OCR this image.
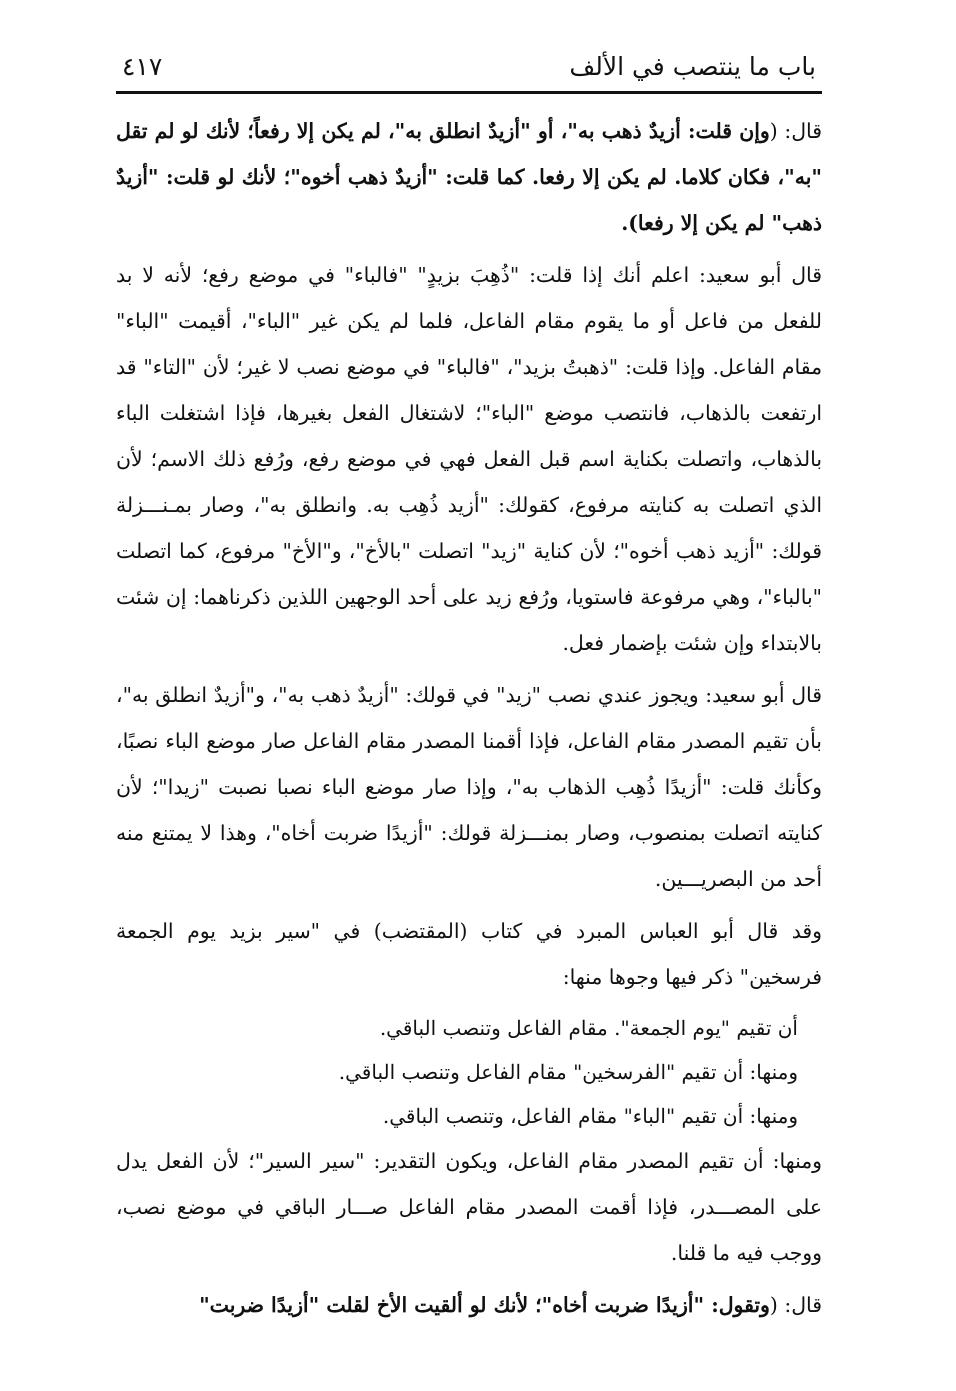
باب ما ينتصب في الألف
٤١٧

قال: (وإن قلت: أزيدٌ ذهب به"، أو "أزيدٌ انطلق به"، لم يكن إلا رفعاً؛ لأنك لو لم تقل "به"، فكان كلاما. لم يكن إلا رفعا. كما قلت: "أزيدٌ ذهب أخوه"؛ لأنك لو قلت: "أزيدٌ ذهب" لم يكن إلا رفعا).

قال أبو سعيد: اعلم أنك إذا قلت: "ذُهِبَ بزيدٍ" "فالباء" في موضع رفع؛ لأنه لا بد للفعل من فاعل أو ما يقوم مقام الفاعل، فلما لم يكن غير "الباء"، أقيمت "الباء" مقام الفاعل. وإذا قلت: "ذهبتُ بزيد"، "فالباء" في موضع نصب لا غير؛ لأن "التاء" قد ارتفعت بالذهاب، فانتصب موضع "الباء"؛ لاشتغال الفعل بغيرها، فإذا اشتغلت الباء بالذهاب، واتصلت بكناية اسم قبل الفعل فهي في موضع رفع، ورُفع ذلك الاسم؛ لأن الذي اتصلت به كنايته مرفوع، كقولك: "أزيد ذُهِب به. وانطلق به"، وصار بمـنـــزلة قولك: "أزيد ذهب أخوه"؛ لأن كناية "زيد" اتصلت "بالأخ"، و"الأخ" مرفوع، كما اتصلت "بالباء"، وهي مرفوعة فاستويا، ورُفع زيد على أحد الوجهين اللذين ذكرناهما: إن شئت بالابتداء وإن شئت بإضمار فعل.

قال أبو سعيد: ويجوز عندي نصب "زيد" في قولك: "أزيدٌ ذهب به"، و"أزيدٌ انطلق به"، بأن تقيم المصدر مقام الفاعل، فإذا أقمنا المصدر مقام الفاعل صار موضع الباء نصبًا، وكأنك قلت: "أزيدًا ذُهِب الذهاب به"، وإذا صار موضع الباء نصبا نصبت "زيدا"؛ لأن كنايته اتصلت بمنصوب، وصار بمنـــزلة قولك: "أزيدًا ضربت أخاه"، وهذا لا يمتنع منه أحد من البصريـــين.

وقد قال أبو العباس المبرد في كتاب (المقتضب) في "سير بزيد يوم الجمعة فرسخين" ذكر فيها وجوها منها:

أن تقيم "يوم الجمعة". مقام الفاعل وتنصب الباقي.
ومنها: أن تقيم "الفرسخين" مقام الفاعل وتنصب الباقي.
ومنها: أن تقيم "الباء" مقام الفاعل، وتنصب الباقي.

ومنها: أن تقيم المصدر مقام الفاعل، ويكون التقدير: "سير السير"؛ لأن الفعل يدل على المصـــدر، فإذا أقمت المصدر مقام الفاعل صـــار الباقي في موضع نصب، ووجب فيه ما قلنا.

قال: (وتقول: "أزيدًا ضربت أخاه"؛ لأنك لو ألقيت الأخ لقلت "أزيدًا ضربت"
